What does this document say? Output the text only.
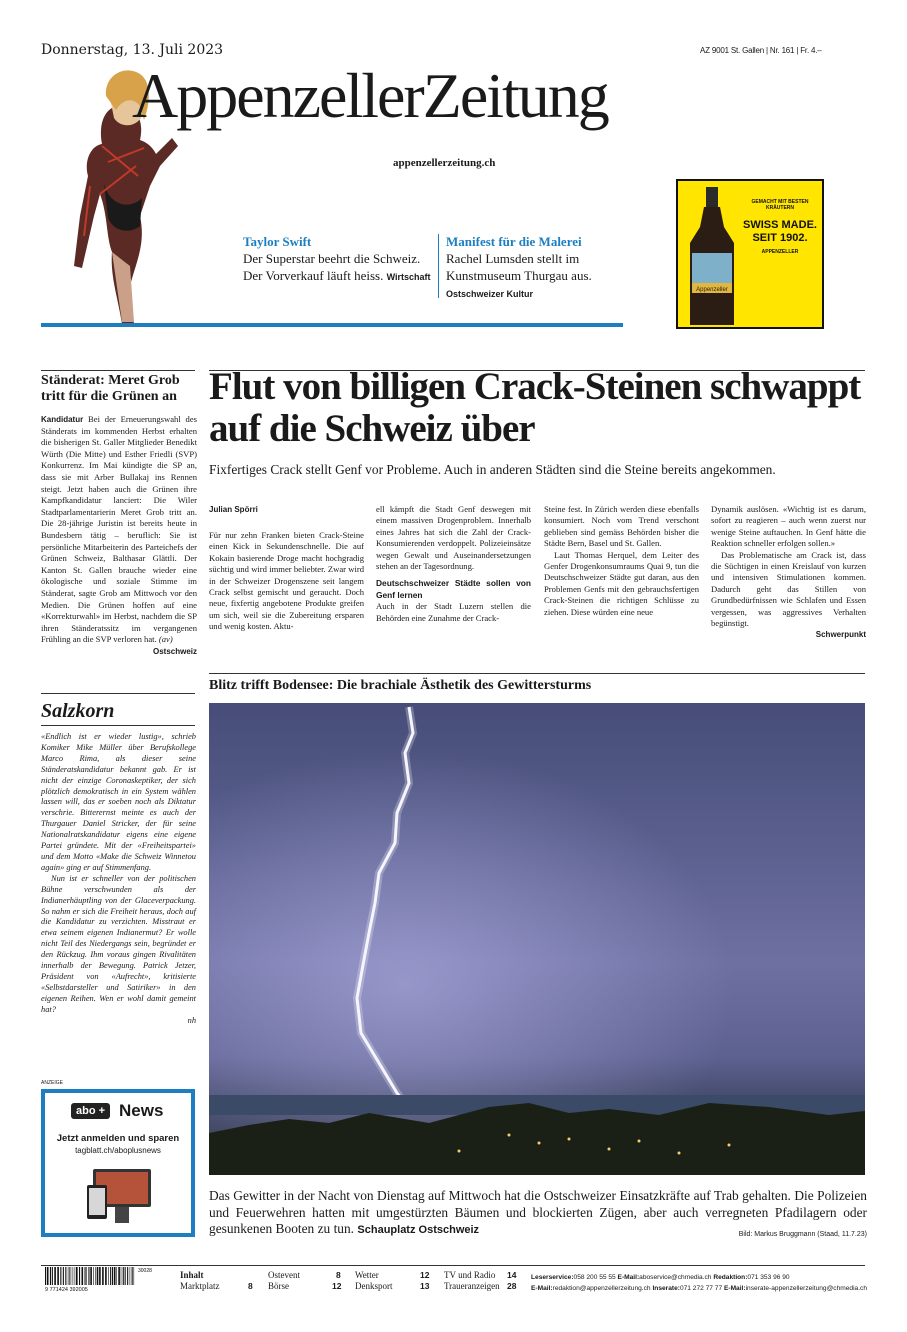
Donnerstag, 13. Juli 2023	AZ 9001 St. Gallen | Nr. 161 | Fr. 4.–
AppenzellerZeitung
appenzellerzeitung.ch
Taylor Swift
Der Superstar beehrt die Schweiz. Der Vorverkauf läuft heiss. Wirtschaft
Manifest für die Malerei
Rachel Lumsden stellt im Kunstmuseum Thurgau aus. Ostschweizer Kultur	Appenzeller
GEMACHT MIT BESTEN KRÄUTERN
SWISS MADE. SEIT 1902.
APPENZELLER
Ständerat: Meret Grob tritt für die Grünen an
Kandidatur Bei der Erneuerungswahl des Ständerats im kommenden Herbst erhalten die bisherigen St. Galler Mitglieder Benedikt Würth (Die Mitte) und Esther Friedli (SVP) Konkurrenz. Im Mai kündigte die SP an, dass sie mit Arber Bullakaj ins Rennen steigt. Jetzt haben auch die Grünen ihre Kampfkandidatur lanciert: Die Wiler Stadtparlamentarierin Meret Grob tritt an. Die 28-jährige Juristin ist bereits heute in Bundesbern tätig – beruflich: Sie ist persönliche Mitarbeiterin des Parteichefs der Grünen Schweiz, Balthasar Glättli. Der Kanton St. Gallen brauche wieder eine ökologische und soziale Stimme im Ständerat, sagte Grob am Mittwoch vor den Medien. Die Grünen hoffen auf eine «Korrekturwahl» im Herbst, nachdem die SP ihren Ständeratssitz im vergangenen Frühling an die SVP verloren hat. (av)
Ostschweiz
Salzkorn

«Endlich ist er wieder lustig», schrieb Komiker Mike Müller über Berufskollege Marco Rima, als dieser seine Ständeratskandidatur bekannt gab. Er ist nicht der einzige Coronaskeptiker, der sich plötzlich demokratisch in ein System wählen lassen will, das er soeben noch als Diktatur verschrie. Bitterernst meinte es auch der Thurgauer Daniel Stricker, der für seine Nationalratskandidatur eigens eine eigene Partei gründete. Mit der «Freiheitspartei» und dem Motto «Make die Schweiz Winnetou again» ging er auf Stimmenfang.

Nun ist er schneller von der politischen Bühne verschwunden als der Indianerhäuptling von der Glaceverpackung. So nahm er sich die Freiheit heraus, doch auf die Kandidatur zu verzichten. Misstraut er etwa seinem eigenen Indianermut? Er wolle nicht Teil des Niedergangs sein, begründet er den Rückzug. Ihm voraus gingen Rivalitäten innerhalb der Bewegung. Patrick Jetzer, Präsident von «Aufrecht», kritisierte «Selbstdarsteller und Satiriker» in den eigenen Reihen. Wen er wohl damit gemeint hat?

nh
ANZEIGE
abo + News
Jetzt anmelden und sparen
tagblatt.ch/aboplusnews
Flut von billigen Crack-Steinen schwappt auf die Schweiz über
Fixfertiges Crack stellt Genf vor Probleme. Auch in anderen Städten sind die Steine bereits angekommen.
Julian Spörri

Für nur zehn Franken bieten Crack-Steine einen Kick in Sekundenschnelle. Die auf Kokain basierende Droge macht hochgradig süchtig und wird immer beliebter. Zwar wird in der Schweizer Drogenszene seit langem Crack selbst gemischt und geraucht. Doch neue, fixfertig angebotene Produkte greifen um sich, weil sie die Zubereitung ersparen und wenig kosten. Aktu-

ell kämpft die Stadt Genf deswegen mit einem massiven Drogenproblem. Innerhalb eines Jahres hat sich die Zahl der Crack-Konsumierenden verdoppelt. Polizeieinsätze wegen Gewalt und Auseinandersetzungen stehen an der Tagesordnung.

Deutschschweizer Städte sollen von Genf lernen

Auch in der Stadt Luzern stellen die Behörden eine Zunahme der Crack-

Steine fest. In Zürich werden diese ebenfalls konsumiert. Noch vom Trend verschont geblieben sind gemäss Behörden bisher die Städte Bern, Basel und St. Gallen.

Laut Thomas Herquel, dem Leiter des Genfer Drogenkonsumraums Quai 9, tun die Deutschschweizer Städte gut daran, aus den Problemen Genfs mit den gebrauchsfertigen Crack-Steinen die richtigen Schlüsse zu ziehen. Diese würden eine neue

Dynamik auslösen. «Wichtig ist es darum, sofort zu reagieren – auch wenn zuerst nur wenige Steine auftauchen. In Genf hätte die Reaktion schneller erfolgen sollen.»

Das Problematische am Crack ist, dass die Süchtigen in einen Kreislauf von kurzen und intensiven Stimulationen kommen. Dadurch geht das Stillen von Grundbedürfnissen wie Schlafen und Essen vergessen, was aggressives Verhalten begünstigt.

Schwerpunkt
Blitz trifft Bodensee: Die brachiale Ästhetik des Gewittersturms
Das Gewitter in der Nacht von Dienstag auf Mittwoch hat die Ostschweizer Einsatzkräfte auf Trab gehalten. Die Polizeien und Feuerwehren hatten mit umgestürzten Bäumen und blockierten Zügen, aber auch verregneten Pfadilagern oder gesunkenen Booten zu tun. Schauplatz Ostschweiz	Bild: Markus Bruggmann (Staad, 11.7.23)
9 771424 392005
30028	Inhalt	Ostevent	8 Wetter	12 TV und Radio 14
Marktplatz	8 Börse	12 Denksport	13 Traueranzeigen 28
Leserservice:058 200 55 55 E-Mail:aboservice@chmedia.ch Redaktion:071 353 96 90
E-Mail:redaktion@appenzellerzeitung.ch Inserate:071 272 77 77 E-Mail:inserate-appenzellerzeitung@chmedia.ch
